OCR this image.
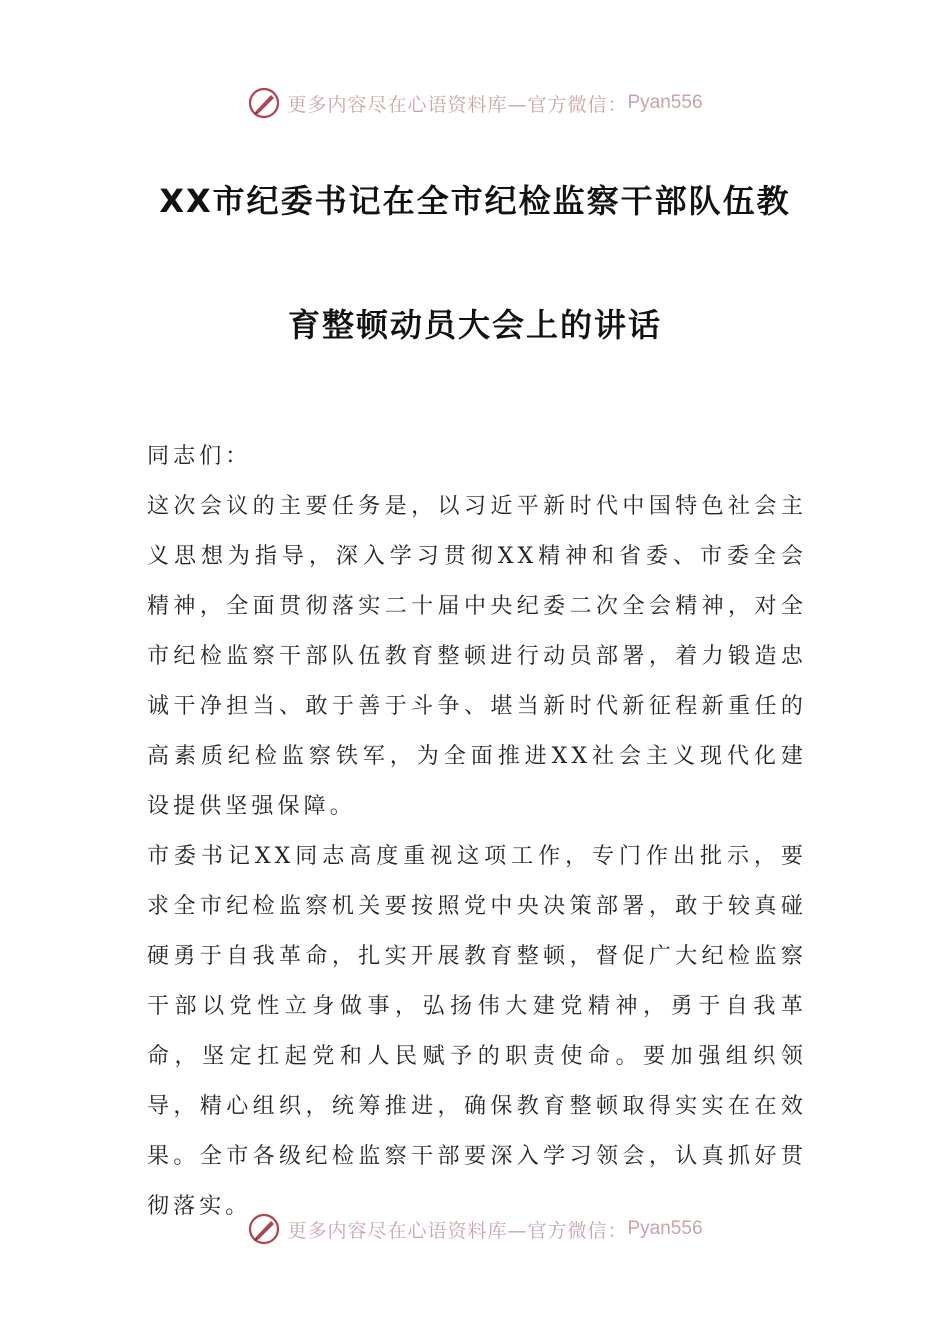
更多内容尽在心语资料库—官方微信： Pyan556
XX市纪委书记在全市纪检监察干部队伍教
育整顿动员大会上的讲话

同志们：

这次会议的主要任务是，以习近平新时代中国特色社会主义思想为指导，深入学习贯彻XX精神和省委、市委全会精神，全面贯彻落实二十届中央纪委二次全会精神，对全市纪检监察干部队伍教育整顿进行动员部署，着力锻造忠诚干净担当、敢于善于斗争、堪当新时代新征程新重任的高素质纪检监察铁军，为全面推进XX社会主义现代化建设提供坚强保障。

市委书记XX同志高度重视这项工作，专门作出批示，要求全市纪检监察机关要按照党中央决策部署，敢于较真碰硬勇于自我革命，扎实开展教育整顿，督促广大纪检监察干部以党性立身做事，弘扬伟大建党精神，勇于自我革命，坚定扛起党和人民赋予的职责使命。要加强组织领导，精心组织，统筹推进，确保教育整顿取得实实在在效果。全市各级纪检监察干部要深入学习领会，认真抓好贯彻落实。

更多内容尽在心语资料库—官方微信： Pyan556
